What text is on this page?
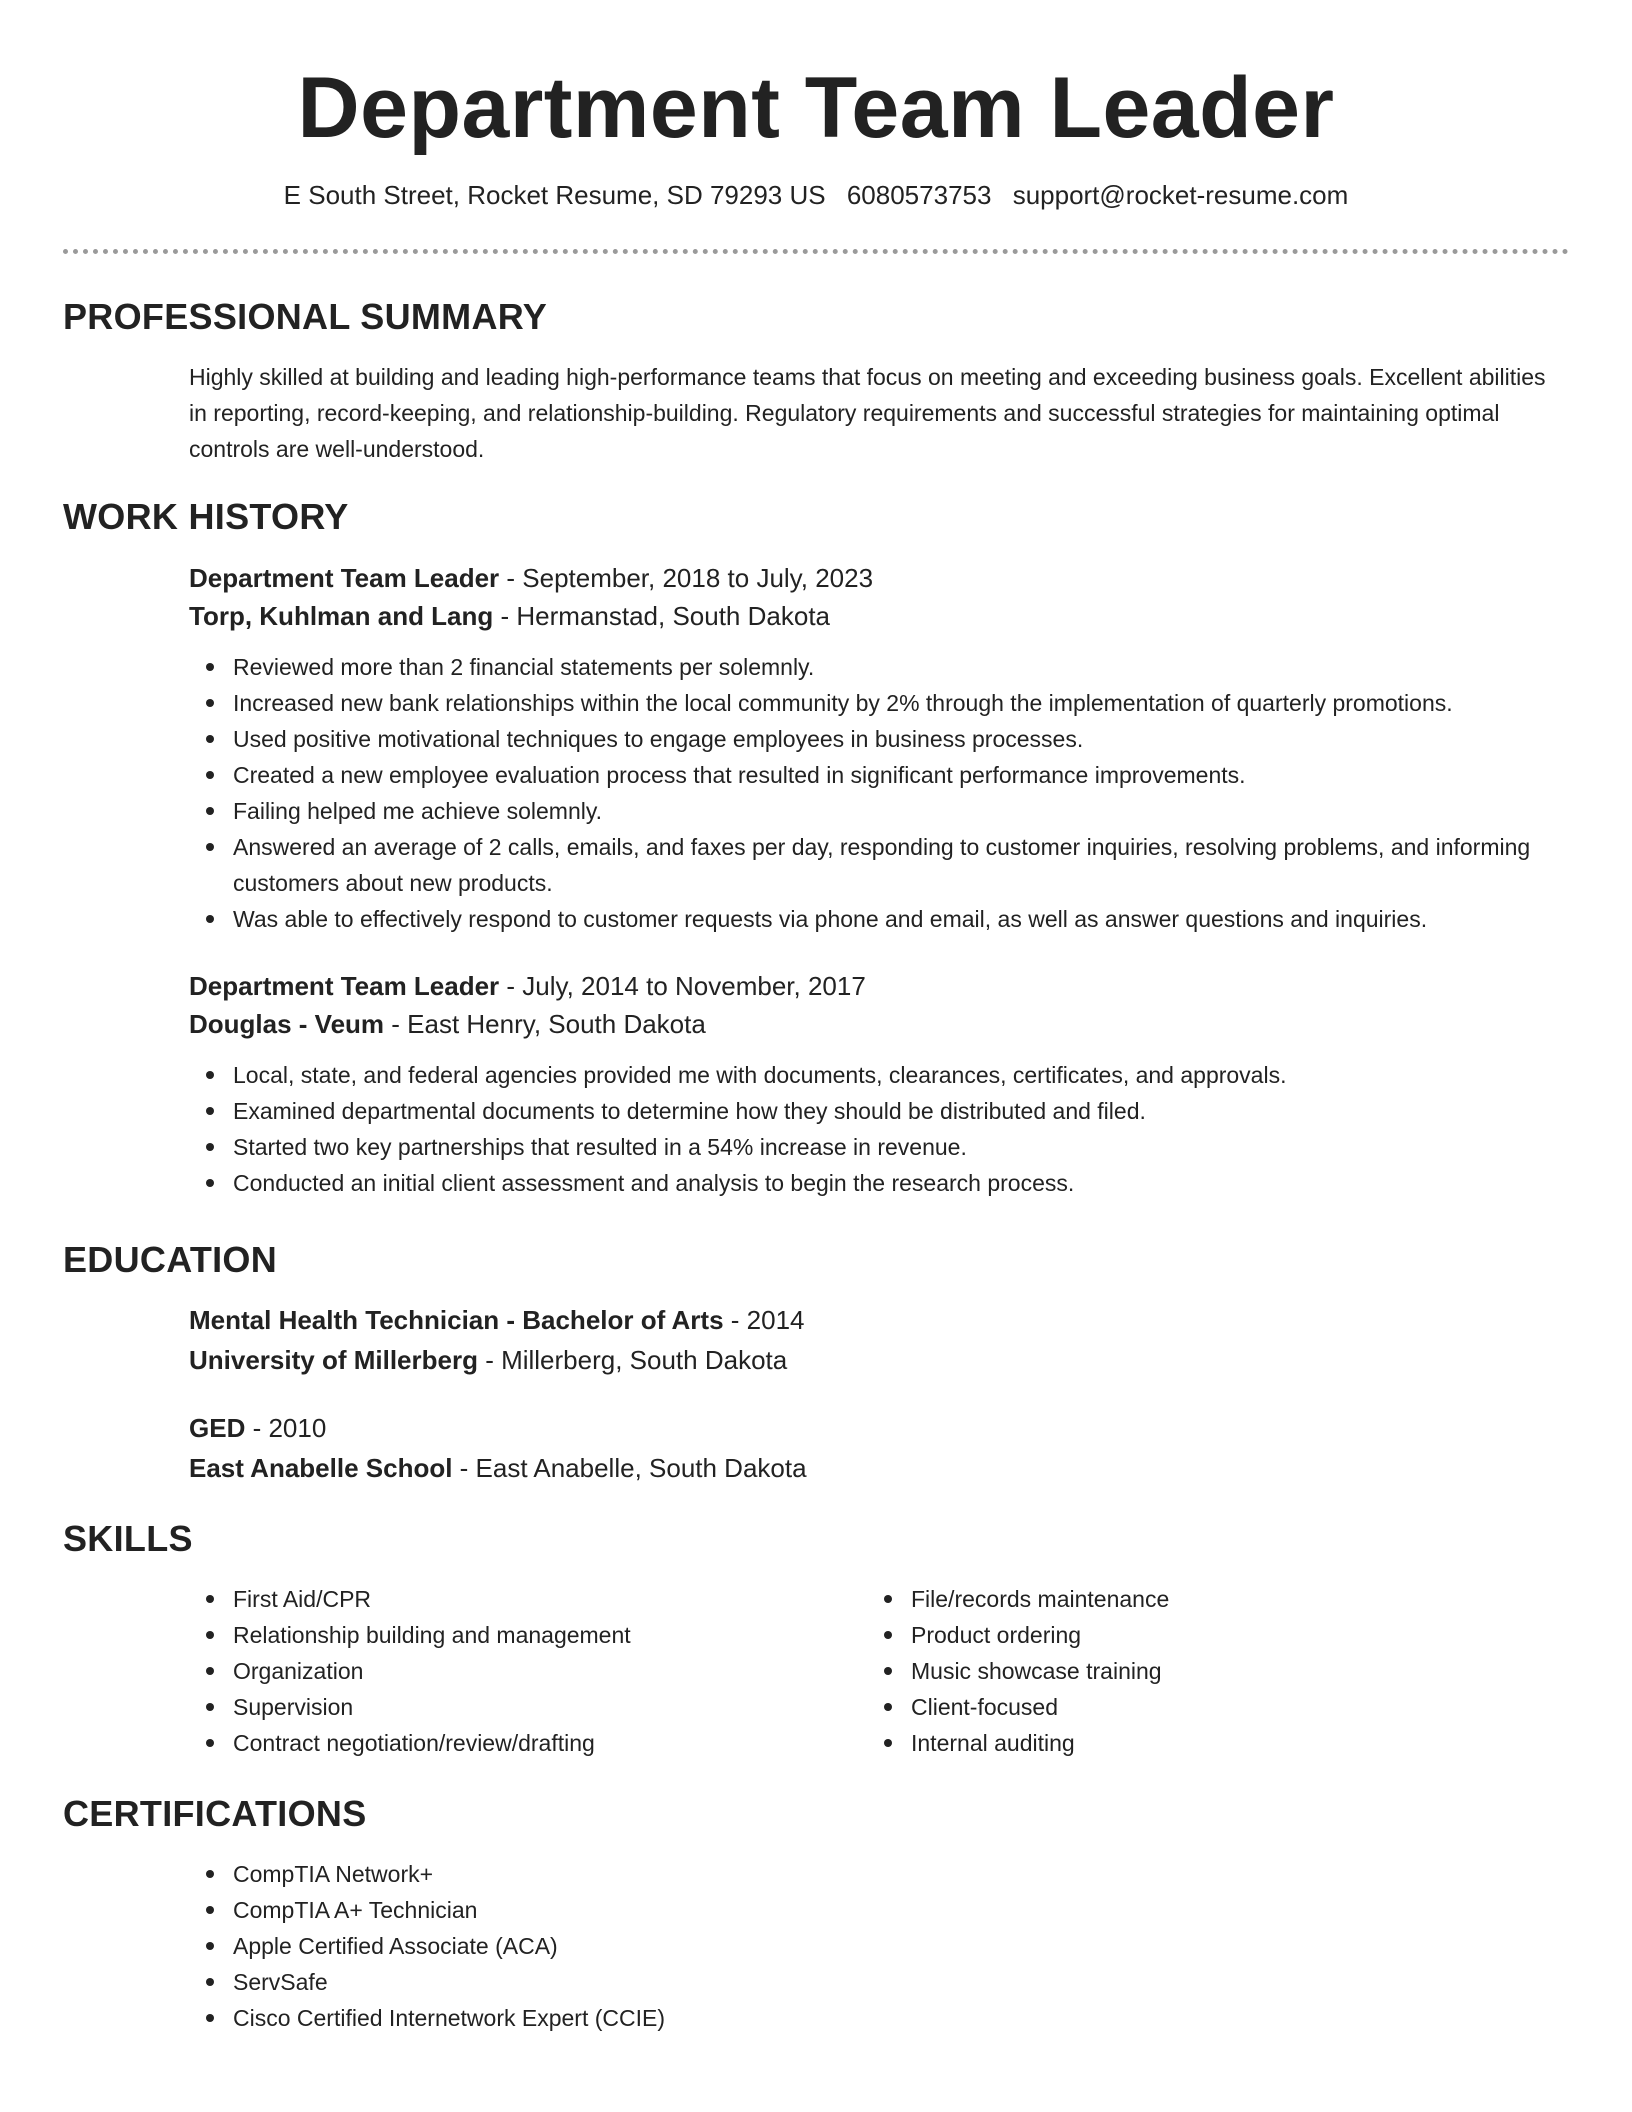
Department Team Leader
E South Street, Rocket Resume, SD 79293 US 6080573753 support@rocket-resume.com
PROFESSIONAL SUMMARY

Highly skilled at building and leading high-performance teams that focus on meeting and exceeding business goals. Excellent abilities in reporting, record-keeping, and relationship-building. Regulatory requirements and successful strategies for maintaining optimal controls are well-understood.

WORK HISTORY
Department Team Leader - September, 2018 to July, 2023
Torp, Kuhlman and Lang - Hermanstad, South Dakota
Reviewed more than 2 financial statements per solemnly.
Increased new bank relationships within the local community by 2% through the implementation of quarterly promotions.
Used positive motivational techniques to engage employees in business processes.
Created a new employee evaluation process that resulted in significant performance improvements.
Failing helped me achieve solemnly.
Answered an average of 2 calls, emails, and faxes per day, responding to customer inquiries, resolving problems, and informing customers about new products.
Was able to effectively respond to customer requests via phone and email, as well as answer questions and inquiries.
Department Team Leader - July, 2014 to November, 2017
Douglas - Veum - East Henry, South Dakota
Local, state, and federal agencies provided me with documents, clearances, certificates, and approvals.
Examined departmental documents to determine how they should be distributed and filed.
Started two key partnerships that resulted in a 54% increase in revenue.
Conducted an initial client assessment and analysis to begin the research process.
EDUCATION
Mental Health Technician - Bachelor of Arts - 2014
University of Millerberg - Millerberg, South Dakota
GED - 2010
East Anabelle School - East Anabelle, South Dakota
SKILLS
First Aid/CPR
Relationship building and management
Organization
Supervision
Contract negotiation/review/drafting
File/records maintenance
Product ordering
Music showcase training
Client-focused
Internal auditing
CERTIFICATIONS
CompTIA Network+
CompTIA A+ Technician
Apple Certified Associate (ACA)
ServSafe
Cisco Certified Internetwork Expert (CCIE)
